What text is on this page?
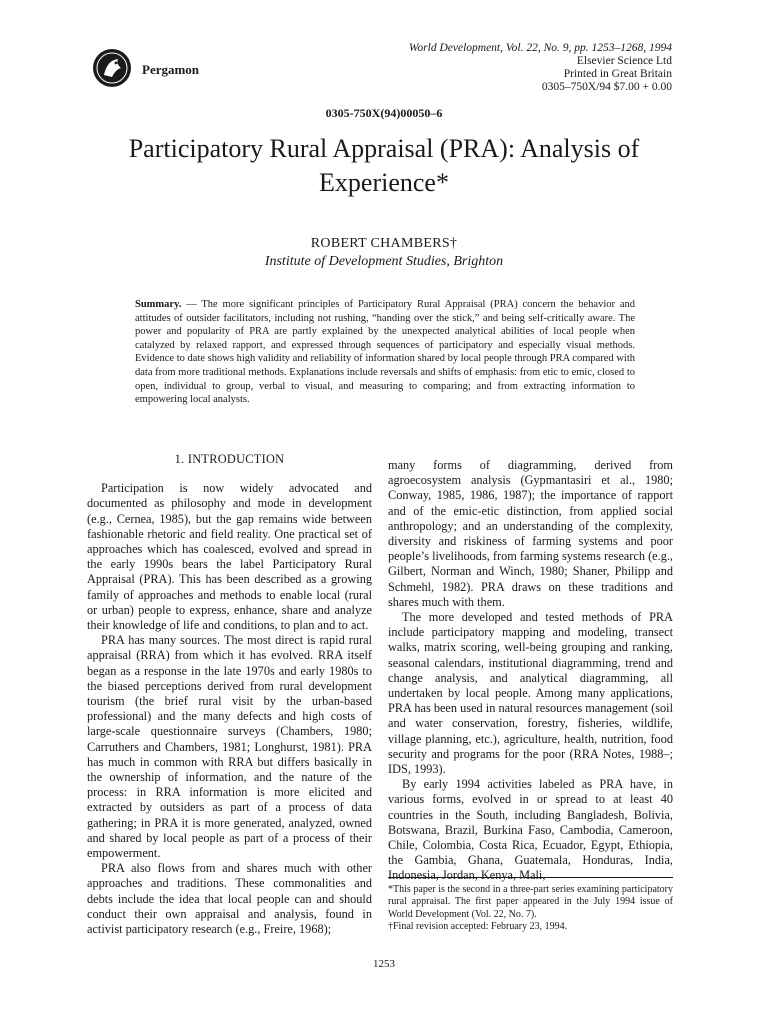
Pergamon
World Development, Vol. 22, No. 9, pp. 1253–1268, 1994
Elsevier Science Ltd
Printed in Great Britain
0305–750X/94 $7.00 + 0.00
0305-750X(94)00050–6
Participatory Rural Appraisal (PRA): Analysis of Experience*
ROBERT CHAMBERS†
Institute of Development Studies, Brighton
Summary. — The more significant principles of Participatory Rural Appraisal (PRA) concern the behavior and attitudes of outsider facilitators, including not rushing, “handing over the stick,” and being self-critically aware. The power and popularity of PRA are partly explained by the unexpected analytical abilities of local people when catalyzed by relaxed rapport, and expressed through sequences of participatory and especially visual methods. Evidence to date shows high validity and reliability of information shared by local people through PRA compared with data from more traditional methods. Explanations include reversals and shifts of emphasis: from etic to emic, closed to open, individual to group, verbal to visual, and measuring to comparing; and from extracting information to empowering local analysts.
1. INTRODUCTION

Participation is now widely advocated and documented as philosophy and mode in development (e.g., Cernea, 1985), but the gap remains wide between fashionable rhetoric and field reality. One practical set of approaches which has coalesced, evolved and spread in the early 1990s bears the label Participatory Rural Appraisal (PRA). This has been described as a growing family of approaches and methods to enable local (rural or urban) people to express, enhance, share and analyze their knowledge of life and conditions, to plan and to act.

PRA has many sources. The most direct is rapid rural appraisal (RRA) from which it has evolved. RRA itself began as a response in the late 1970s and early 1980s to the biased perceptions derived from rural development tourism (the brief rural visit by the urban-based professional) and the many defects and high costs of large-scale questionnaire surveys (Chambers, 1980; Carruthers and Chambers, 1981; Longhurst, 1981). PRA has much in common with RRA but differs basically in the ownership of information, and the nature of the process: in RRA information is more elicited and extracted by outsiders as part of a process of data gathering; in PRA it is more generated, analyzed, owned and shared by local people as part of a process of their empowerment.

PRA also flows from and shares much with other approaches and traditions. These commonalities and debts include the idea that local people can and should conduct their own appraisal and analysis, found in activist participatory research (e.g., Freire, 1968);

many forms of diagramming, derived from agroecosystem analysis (Gypmantasiri et al., 1980; Conway, 1985, 1986, 1987); the importance of rapport and of the emic-etic distinction, from applied social anthropology; and an understanding of the complexity, diversity and riskiness of farming systems and poor people’s livelihoods, from farming systems research (e.g., Gilbert, Norman and Winch, 1980; Shaner, Philipp and Schmehl, 1982). PRA draws on these traditions and shares much with them.

The more developed and tested methods of PRA include participatory mapping and modeling, transect walks, matrix scoring, well-being grouping and ranking, seasonal calendars, institutional diagramming, trend and change analysis, and analytical diagramming, all undertaken by local people. Among many applications, PRA has been used in natural resources management (soil and water conservation, forestry, fisheries, wildlife, village planning, etc.), agriculture, health, nutrition, food security and programs for the poor (RRA Notes, 1988–; IDS, 1993).

By early 1994 activities labeled as PRA have, in various forms, evolved in or spread to at least 40 countries in the South, including Bangladesh, Bolivia, Botswana, Brazil, Burkina Faso, Cambodia, Cameroon, Chile, Colombia, Costa Rica, Ecuador, Egypt, Ethiopia, the Gambia, Ghana, Guatemala, Honduras, India, Indonesia, Jordan, Kenya, Mali,

*This paper is the second in a three-part series examining participatory rural appraisal. The first paper appeared in the July 1994 issue of World Development (Vol. 22, No. 7).

†Final revision accepted: February 23, 1994.

1253
